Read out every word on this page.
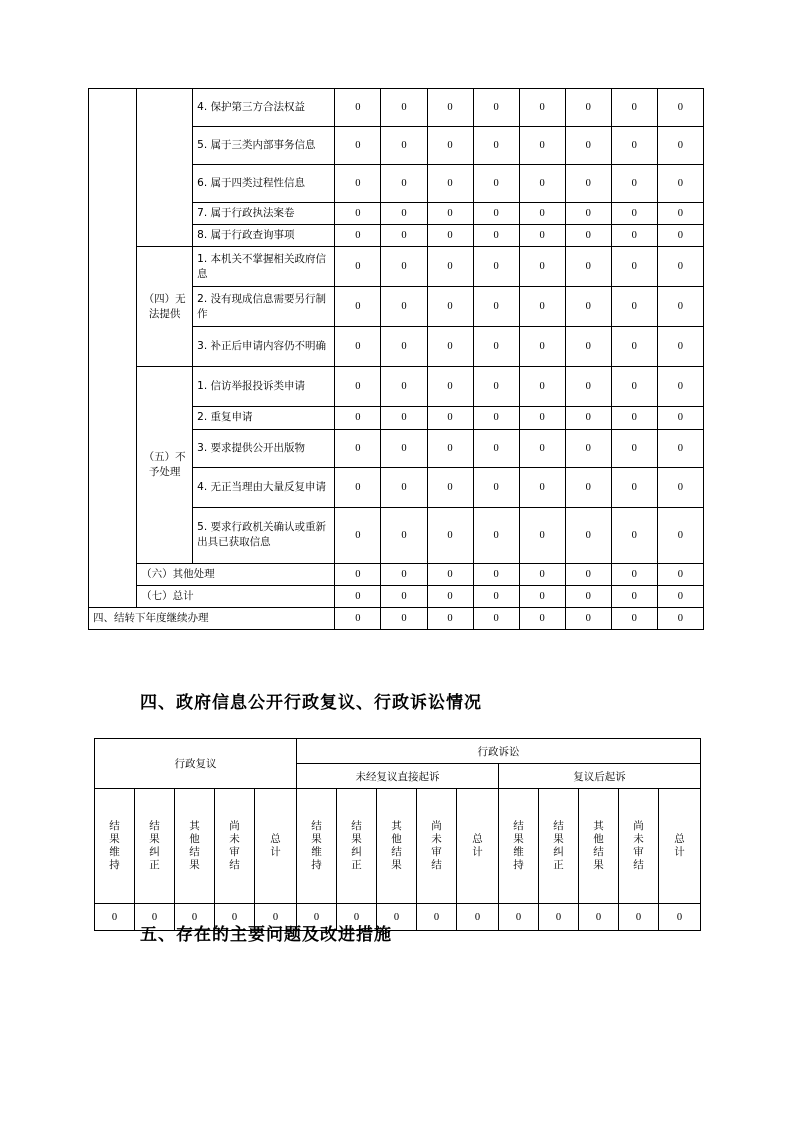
		4. 保护第三方合法权益	0	0	0	0	0	0	0	0
		5. 属于三类内部事务信息	0	0	0	0	0	0	0	0
		6. 属于四类过程性信息	0	0	0	0	0	0	0	0
		7. 属于行政执法案卷	0	0	0	0	0	0	0	0
		8. 属于行政查询事项	0	0	0	0	0	0	0	0
	（四）无法提供	1. 本机关不掌握相关政府信息	0	0	0	0	0	0	0	0
		2. 没有现成信息需要另行制作	0	0	0	0	0	0	0	0
		3. 补正后申请内容仍不明确	0	0	0	0	0	0	0	0
	（五）不予处理	1. 信访举报投诉类申请	0	0	0	0	0	0	0	0
		2. 重复申请	0	0	0	0	0	0	0	0
		3. 要求提供公开出版物	0	0	0	0	0	0	0	0
		4. 无正当理由大量反复申请	0	0	0	0	0	0	0	0
		5. 要求行政机关确认或重新出具已获取信息	0	0	0	0	0	0	0	0
	（六）其他处理		0	0	0	0	0	0	0	0
	（七）总计		0	0	0	0	0	0	0	0
四、结转下年度继续办理			0	0	0	0	0	0	0	0
四、政府信息公开行政复议、行政诉讼情况
行政复议					行政诉讼									
					未经复议直接起诉					复议后起诉				
结
果
维
持	结
果
纠
正	其
他
结
果	尚
未
审
结	总
计	结
果
维
持	结
果
纠
正	其
他
结
果	尚
未
审
结	总
计	结
果
维
持	结
果
纠
正	其
他
结
果	尚
未
审
结	总
计
0	0	0	0	0	0	0	0	0	0	0	0	0	0	0
五、存在的主要问题及改进措施
